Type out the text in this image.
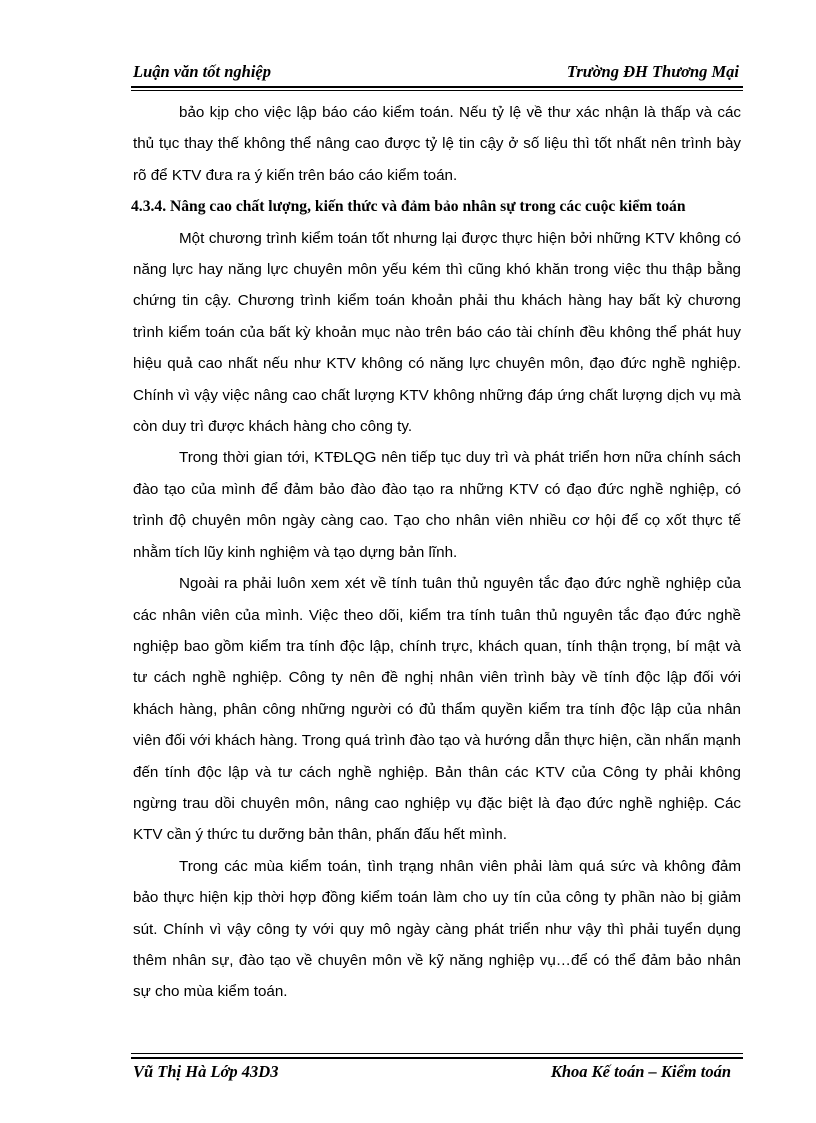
Luận văn tốt nghiệp	Trường ĐH Thương Mại

bảo kịp cho việc lập báo cáo kiểm toán. Nếu tỷ lệ về thư xác nhận là thấp và các thủ tục thay thế không thể nâng cao được tỷ lệ tin cậy ở số liệu thì tốt nhất nên trình bày rõ để KTV đưa ra ý kiến trên báo cáo kiểm toán.

4.3.4. Nâng cao chất lượng, kiến thức và đảm bảo nhân sự trong các cuộc kiểm toán

Một chương trình kiểm toán tốt nhưng lại được thực hiện bởi những KTV không có năng lực hay năng lực chuyên môn yếu kém thì cũng khó khăn trong việc thu thập bằng chứng tin cậy. Chương trình kiểm toán khoản phải thu khách hàng hay bất kỳ chương trình kiểm toán của bất kỳ khoản mục nào trên báo cáo tài chính đều không thể phát huy hiệu quả cao nhất nếu như KTV không có năng lực chuyên môn, đạo đức nghề nghiệp. Chính vì vậy việc nâng cao chất lượng KTV không những đáp ứng chất lượng dịch vụ mà còn duy trì được khách hàng cho công ty.

Trong thời gian tới, KTĐLQG nên tiếp tục duy trì và phát triển hơn nữa chính sách đào tạo của mình để đảm bảo đào đào tạo ra những KTV có đạo đức nghề nghiệp, có trình độ chuyên môn ngày càng cao. Tạo cho nhân viên nhiều cơ hội để cọ xốt thực tế nhằm tích lũy kinh nghiệm và tạo dựng bản lĩnh.

Ngoài ra phải luôn xem xét về tính tuân thủ nguyên tắc đạo đức nghề nghiệp của các nhân viên của mình. Việc theo dõi, kiểm tra tính tuân thủ nguyên tắc đạo đức nghề nghiệp bao gồm kiểm tra tính độc lập, chính trực, khách quan, tính thận trọng, bí mật và tư cách nghề nghiệp. Công ty nên đề nghị nhân viên trình bày về tính độc lập đối với khách hàng, phân công những người có đủ thẩm quyền kiểm tra tính độc lập của nhân viên đối với khách hàng. Trong quá trình đào tạo và hướng dẫn thực hiện, cần nhấn mạnh đến tính độc lập và tư cách nghề nghiệp. Bản thân các KTV của Công ty phải không ngừng trau dồi chuyên môn, nâng cao nghiệp vụ đặc biệt là đạo đức nghề nghiệp. Các KTV cần ý thức tu dưỡng bản thân, phấn đấu hết mình.

Trong các mùa kiểm toán, tình trạng nhân viên phải làm quá sức và không đảm bảo thực hiện kịp thời hợp đồng kiểm toán làm cho uy tín của công ty phần nào bị giảm sút. Chính vì vậy công ty với quy mô ngày càng phát triển như vậy thì phải tuyển dụng thêm nhân sự, đào tạo về chuyên môn về kỹ năng nghiệp vụ…để có thể đảm bảo nhân sự cho mùa kiểm toán.

Vũ Thị Hà Lớp 43D3	Khoa Kế toán – Kiểm toán
